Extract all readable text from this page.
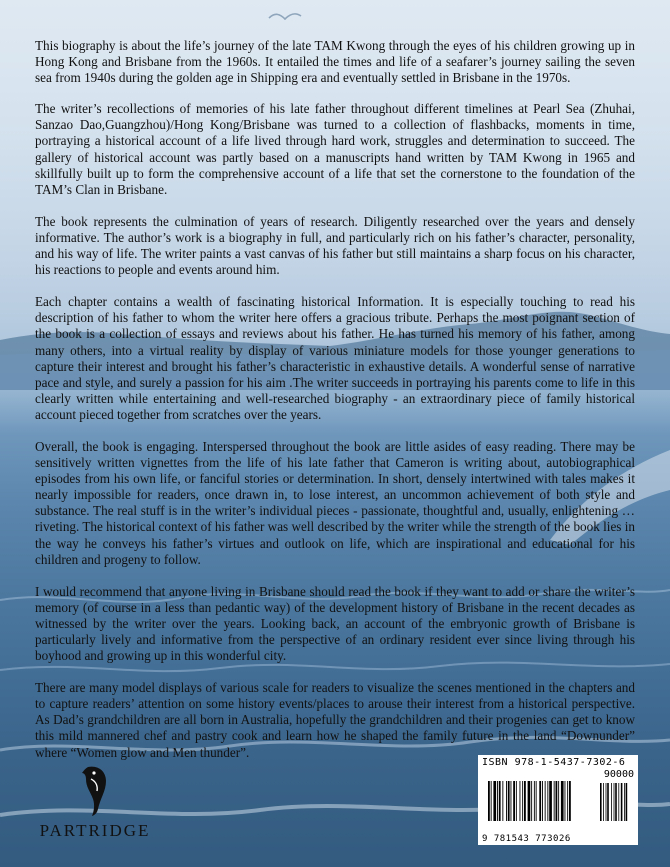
This biography is about the life’s journey of the late TAM Kwong through the eyes of his children growing up in Hong Kong and Brisbane from the 1960s. It entailed the times and life of a seafarer’s journey sailing the seven sea from 1940s during the golden age in Shipping era and eventually settled in Brisbane in the 1970s.

The writer’s recollections of memories of his late father throughout different timelines at Pearl Sea (Zhuhai, Sanzao Dao,Guangzhou)/Hong Kong/Brisbane was turned to a collection of flashbacks, moments in time, portraying a historical account of a life lived through hard work, struggles and determination to succeed. The gallery of historical account was partly based on a manuscripts hand written by TAM Kwong in 1965 and skillfully built up to form the comprehensive account of a life that set the cornerstone to the foundation of the TAM’s Clan in Brisbane.

The book represents the culmination of years of research. Diligently researched over the years and densely informative. The author’s work is a biography in full, and particularly rich on his father’s character, personality, and his way of life. The writer paints a vast canvas of his father but still maintains a sharp focus on his character, his reactions to people and events around him.

Each chapter contains a wealth of fascinating historical Information. It is especially touching to read his description of his father to whom the writer here offers a gracious tribute. Perhaps the most poignant section of the book is a collection of essays and reviews about his father. He has turned his memory of his father, among many others, into a virtual reality by display of various miniature models for those younger generations to capture their interest and brought his father’s characteristic in exhaustive details. A wonderful sense of narrative pace and style, and surely a passion for his aim .The writer succeeds in portraying his parents come to life in this clearly written while entertaining and well-researched biography - an extraordinary piece of family historical account pieced together from scratches over the years.

Overall, the book is engaging. Interspersed throughout the book are little asides of easy reading. There may be sensitively written vignettes from the life of his late father that Cameron is writing about, autobiographical episodes from his own life, or fanciful stories or determination. In short, densely intertwined with tales makes it nearly impossible for readers, once drawn in, to lose interest, an uncommon achievement of both style and substance. The real stuff is in the writer’s individual pieces - passionate, thoughtful and, usually, enlightening …riveting. The historical context of his father was well described by the writer while the strength of the book lies in the way he conveys his father’s virtues and outlook on life, which are inspirational and educational for his children and progeny to follow.

I would recommend that anyone living in Brisbane should read the book if they want to add or share the writer’s memory (of course in a less than pedantic way) of the development history of Brisbane in the recent decades as witnessed by the writer over the years. Looking back, an account of the embryonic growth of Brisbane is particularly lively and informative from the perspective of an ordinary resident ever since living through his boyhood and growing up in this wonderful city.

There are many model displays of various scale for readers to visualize the scenes mentioned in the chapters and to capture readers’ attention on some history events/places to arouse their interest from a historical perspective. As Dad’s grandchildren are all born in Australia, hopefully the grandchildren and their progenies can get to know this mild mannered chef and pastry cook and learn how he shaped the family future in the land “Downunder” where “Women glow and Men thunder”.

PARTRIDGE
ISBN 978-1-5437-7302-6
90000
9 781543 773026
